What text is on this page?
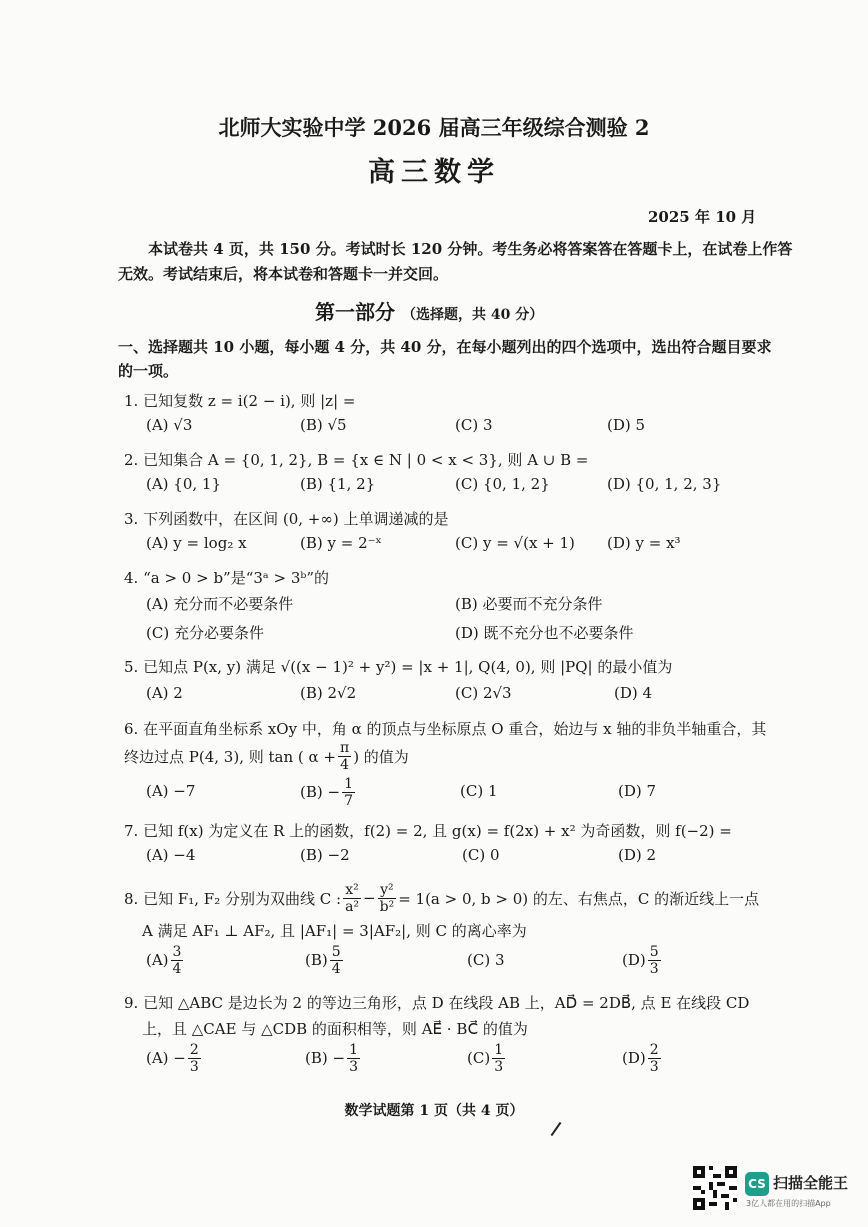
北师大实验中学 2026 届高三年级综合测验 2
高三数学
2025 年 10 月
本试卷共 4 页，共 150 分。考试时长 120 分钟。考生务必将答案答在答题卡上，在试卷上作答
无效。考试结束后，将本试卷和答题卡一并交回。
第一部分 （选择题，共 40 分）
一、选择题共 10 小题，每小题 4 分，共 40 分，在每小题列出的四个选项中，选出符合题目要求
的一项。
1. 已知复数 z = i(2 − i), 则 |z| =
(A) √3	(B) √5	(C) 3	(D) 5
2. 已知集合 A = {0, 1, 2}, B = {x ∈ N | 0 < x < 3}, 则 A ∪ B =
(A) {0, 1}	(B) {1, 2}	(C) {0, 1, 2}	(D) {0, 1, 2, 3}
3. 下列函数中，在区间 (0, +∞) 上单调递减的是
(A) y = log₂ x	(B) y = 2⁻ˣ	(C) y = √(x + 1) (D) y = x³
4. “a > 0 > b”是“3ᵃ > 3ᵇ”的
(A) 充分而不必要条件	(B) 必要而不充分条件
(C) 充分必要条件	(D) 既不充分也不必要条件
5. 已知点 P(x, y) 满足 √((x − 1)² + y²) = |x + 1|, Q(4, 0), 则 |PQ| 的最小值为
(A) 2	(B) 2√2	(C) 2√3	(D) 4
6. 在平面直角坐标系 xOy 中，角 α 的顶点与坐标原点 O 重合，始边与 x 轴的非负半轴重合，其
终边过点 P(4, 3), 则 tan ( $\alpha + \frac{\pi}{4}$ ) 的值为
(A) −7	$(B) - \frac{1}{7}$	(C) 1	(D) 7
7. 已知 f(x) 为定义在 R 上的函数，f(2) = 2, 且 g(x) = f(2x) + x² 为奇函数，则 f(−2) =
(A) −4	(B) −2	(C) 0	(D) 2
8. 已知 F₁, F₂ 分别为双曲线 C : $\frac{\text{x²}}{\text{a²}} - \frac{\text{y²}}{\text{b²}} = 1(a > 0$, b > 0) 的左、右焦点，C 的渐近线上一点
A 满足 AF₁ ⊥ AF₂, 且 |AF₁| = 3|AF₂|, 则 C 的离心率为
$(A) \frac{3}{4}$	$(B) \frac{5}{4}$	(C) 3	$(D) \frac{5}{3}$
9. 已知 △ABC 是边长为 2 的等边三角形，点 D 在线段 AB 上，AD⃗ = 2DB⃗, 点 E 在线段 CD
上，且 △CAE 与 △CDB 的面积相等，则 AE⃗ · BC⃗ 的值为
$(A) - \frac{2}{3}$	$(B) - \frac{1}{3}$	$(C) \frac{1}{3}$	$(D) \frac{2}{3}$
数学试题第 1 页（共 4 页）
CS 扫描全能王
3亿人都在用的扫描App
